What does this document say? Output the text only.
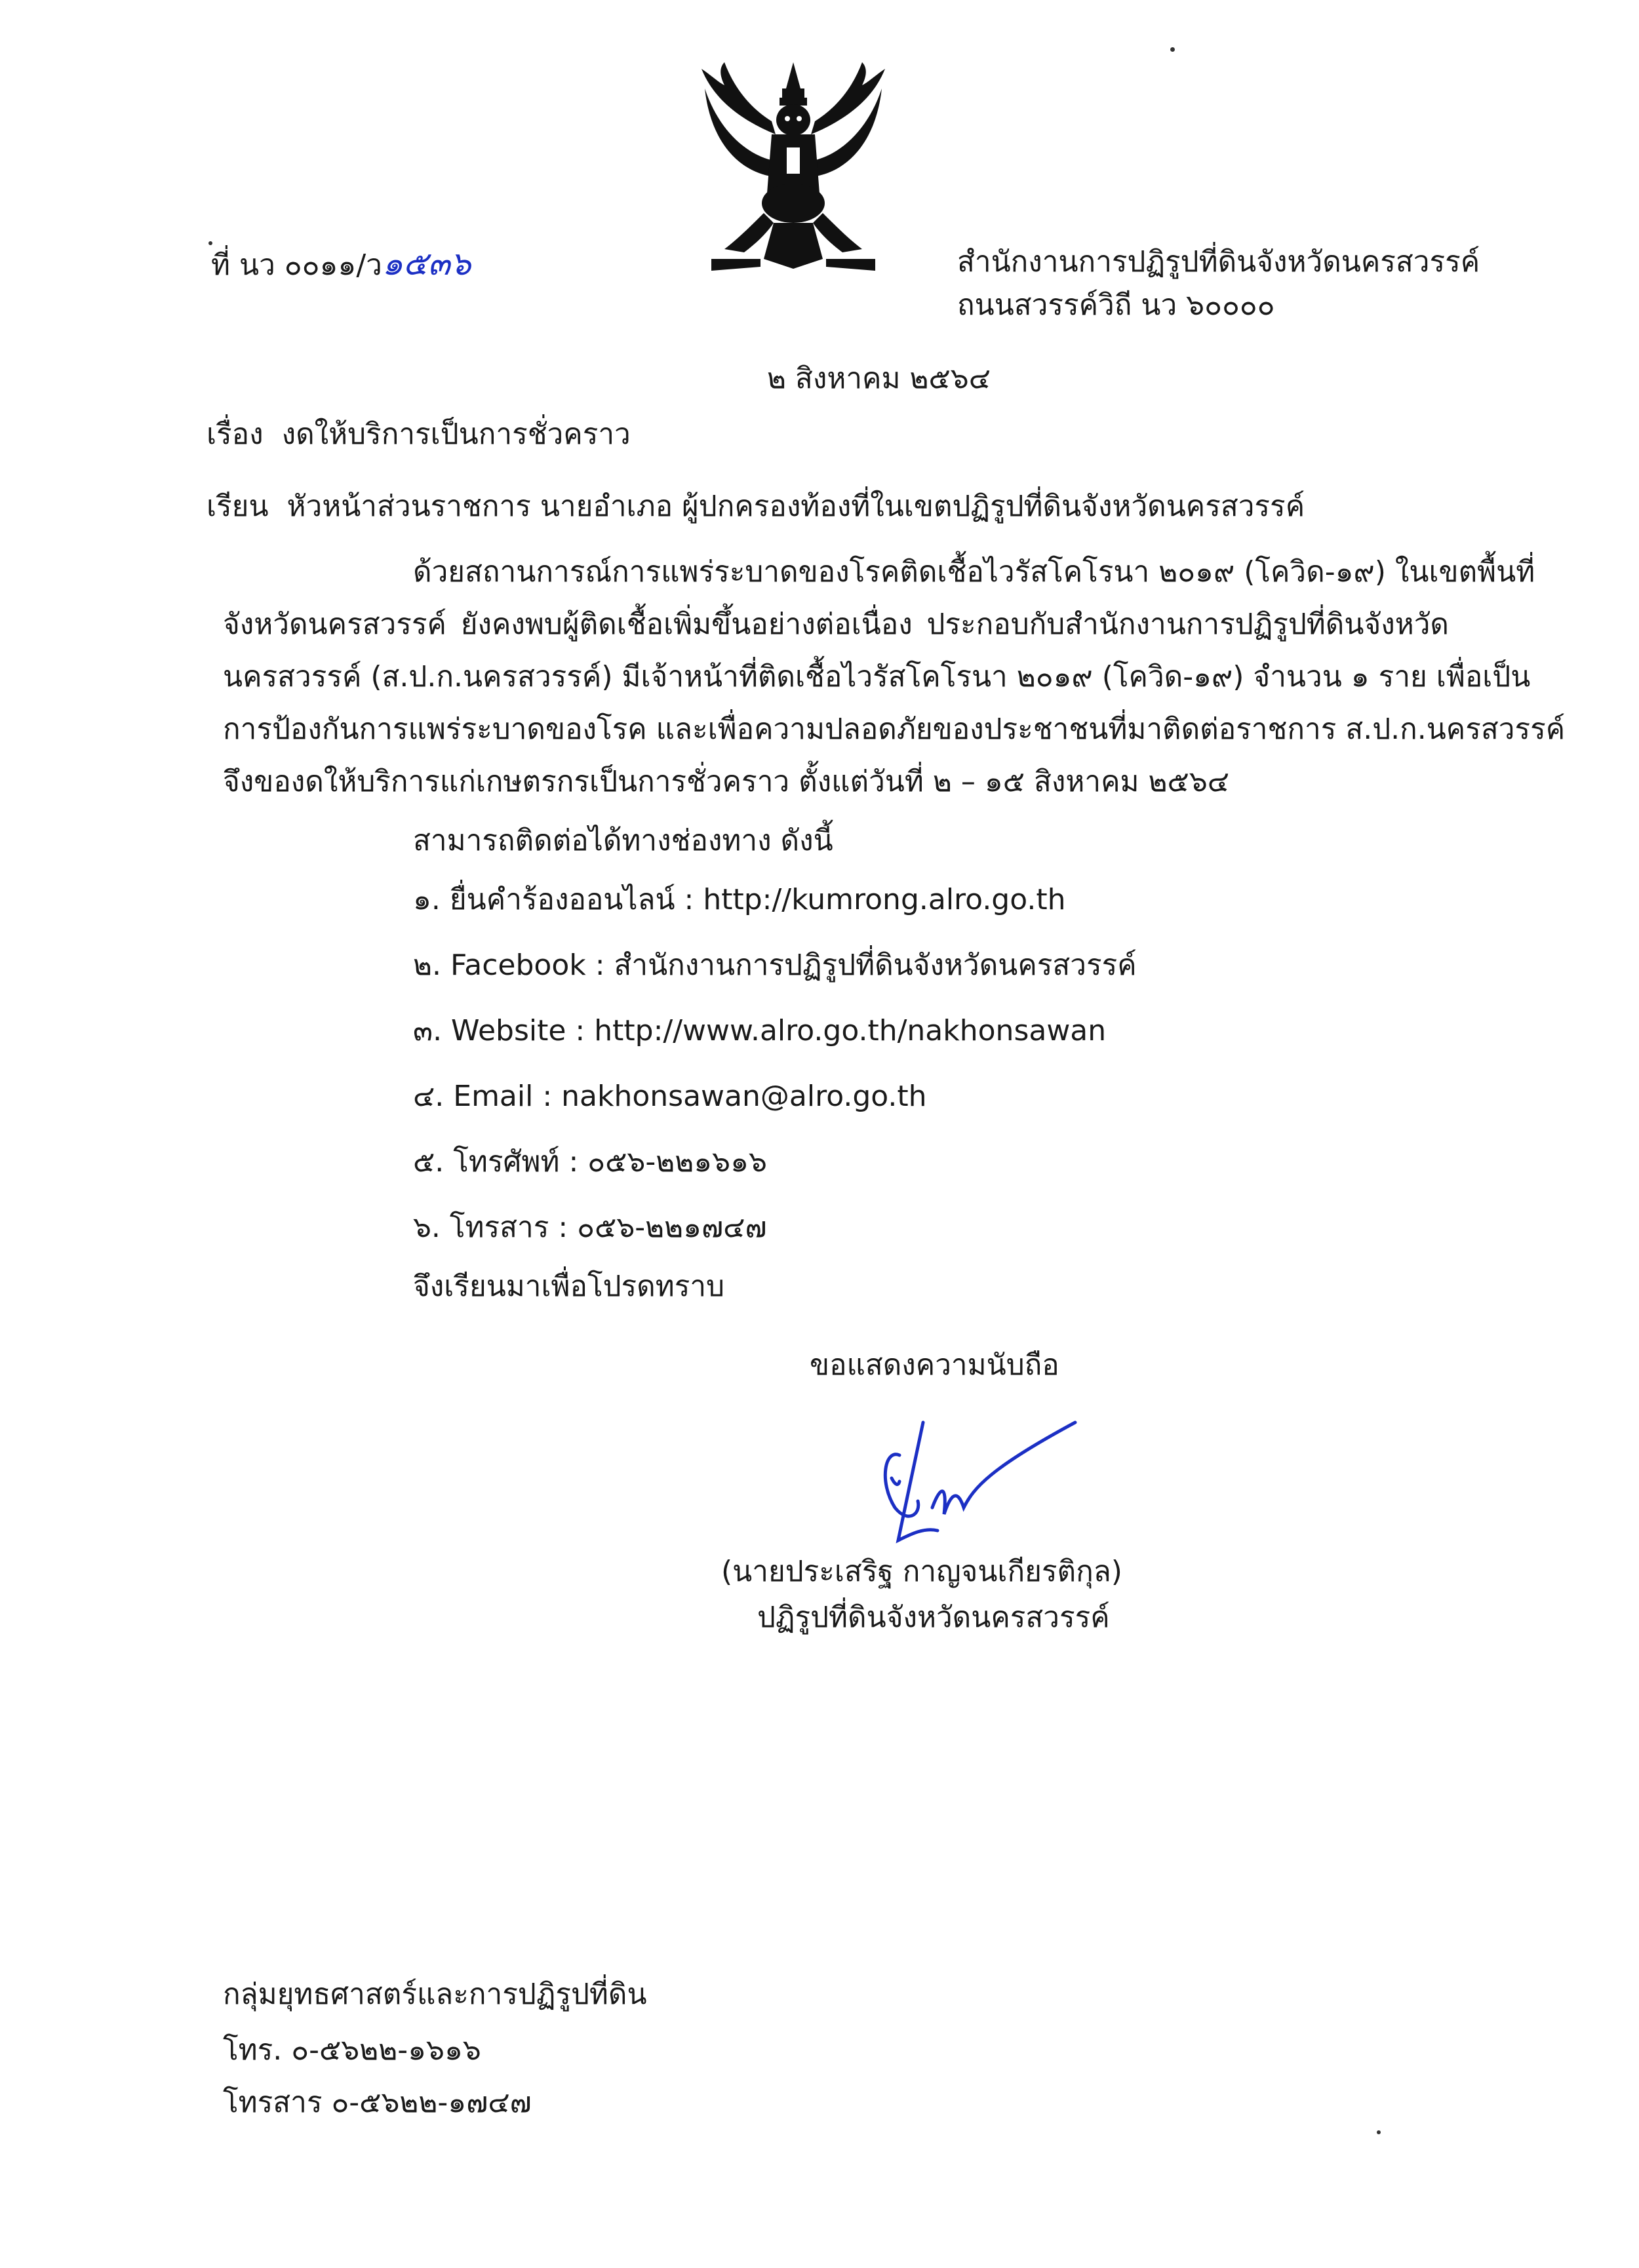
ที่ นว ๐๐๑๑/ว๑๕๓๖	สำนักงานการปฏิรูปที่ดินจังหวัดนครสวรรค์
ถนนสวรรค์วิถี นว ๖๐๐๐๐
๒ สิงหาคม ๒๕๖๔
เรื่อง งดให้บริการเป็นการชั่วคราว
เรียน หัวหน้าส่วนราชการ นายอำเภอ ผู้ปกครองท้องที่ในเขตปฏิรูปที่ดินจังหวัดนครสวรรค์
ด้วยสถานการณ์การแพร่ระบาดของโรคติดเชื้อไวรัสโคโรนา ๒๐๑๙ (โควิด-๑๙) ในเขตพื้นที่
จังหวัดนครสวรรค์ ยังคงพบผู้ติดเชื้อเพิ่มขึ้นอย่างต่อเนื่อง ประกอบกับสำนักงานการปฏิรูปที่ดินจังหวัด
นครสวรรค์ (ส.ป.ก.นครสวรรค์) มีเจ้าหน้าที่ติดเชื้อไวรัสโคโรนา ๒๐๑๙ (โควิด-๑๙) จำนวน ๑ ราย เพื่อเป็น
การป้องกันการแพร่ระบาดของโรค และเพื่อความปลอดภัยของประชาชนที่มาติดต่อราชการ ส.ป.ก.นครสวรรค์
จึงของดให้บริการแก่เกษตรกรเป็นการชั่วคราว ตั้งแต่วันที่ ๒ – ๑๕ สิงหาคม ๒๕๖๔
สามารถติดต่อได้ทางช่องทาง ดังนี้
๑. ยื่นคำร้องออนไลน์ : http://kumrong.alro.go.th
๒. Facebook : สำนักงานการปฏิรูปที่ดินจังหวัดนครสวรรค์
๓. Website : http://www.alro.go.th/nakhonsawan
๔. Email : nakhonsawan@alro.go.th
๕. โทรศัพท์ : ๐๕๖-๒๒๑๖๑๖
๖. โทรสาร : ๐๕๖-๒๒๑๗๔๗
จึงเรียนมาเพื่อโปรดทราบ
ขอแสดงความนับถือ
(นายประเสริฐ กาญจนเกียรติกุล)
ปฏิรูปที่ดินจังหวัดนครสวรรค์
กลุ่มยุทธศาสตร์และการปฏิรูปที่ดิน
โทร. ๐-๕๖๒๒-๑๖๑๖
โทรสาร ๐-๕๖๒๒-๑๗๔๗
